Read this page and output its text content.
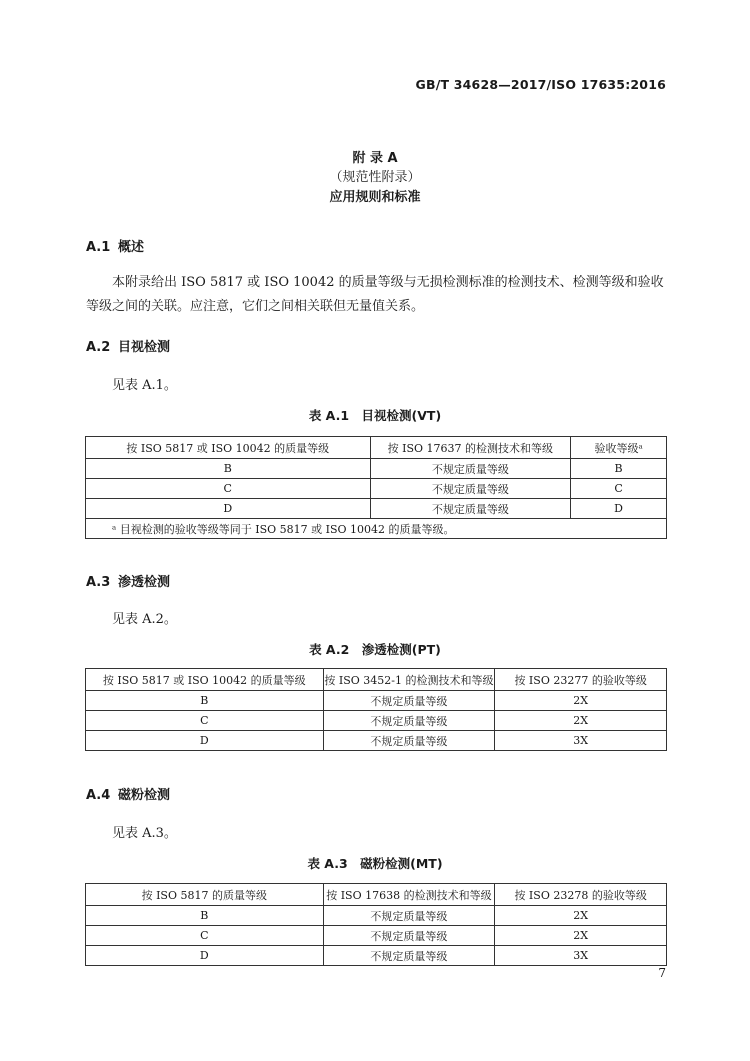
GB/T 34628—2017/ISO 17635:2016
附 录 A
（规范性附录）
应用规则和标准
A.1 概述
本附录给出 ISO 5817 或 ISO 10042 的质量等级与无损检测标准的检测技术、检测等级和验收等级之间的关联。应注意，它们之间相关联但无量值关系。
A.2 目视检测
见表 A.1。
表 A.1　目视检测(VT)
按 ISO 5817 或 ISO 10042 的质量等级	按 ISO 17637 的检测技术和等级	验收等级ᵃ
B	不规定质量等级	B
C	不规定质量等级	C
D	不规定质量等级	D
ᵃ 目视检测的验收等级等同于 ISO 5817 或 ISO 10042 的质量等级。		
A.3 渗透检测
见表 A.2。
表 A.2　渗透检测(PT)
按 ISO 5817 或 ISO 10042 的质量等级	按 ISO 3452-1 的检测技术和等级	按 ISO 23277 的验收等级
B	不规定质量等级	2X
C	不规定质量等级	2X
D	不规定质量等级	3X
A.4 磁粉检测
见表 A.3。
表 A.3　磁粉检测(MT)
按 ISO 5817 的质量等级	按 ISO 17638 的检测技术和等级	按 ISO 23278 的验收等级
B	不规定质量等级	2X
C	不规定质量等级	2X
D	不规定质量等级	3X
7
